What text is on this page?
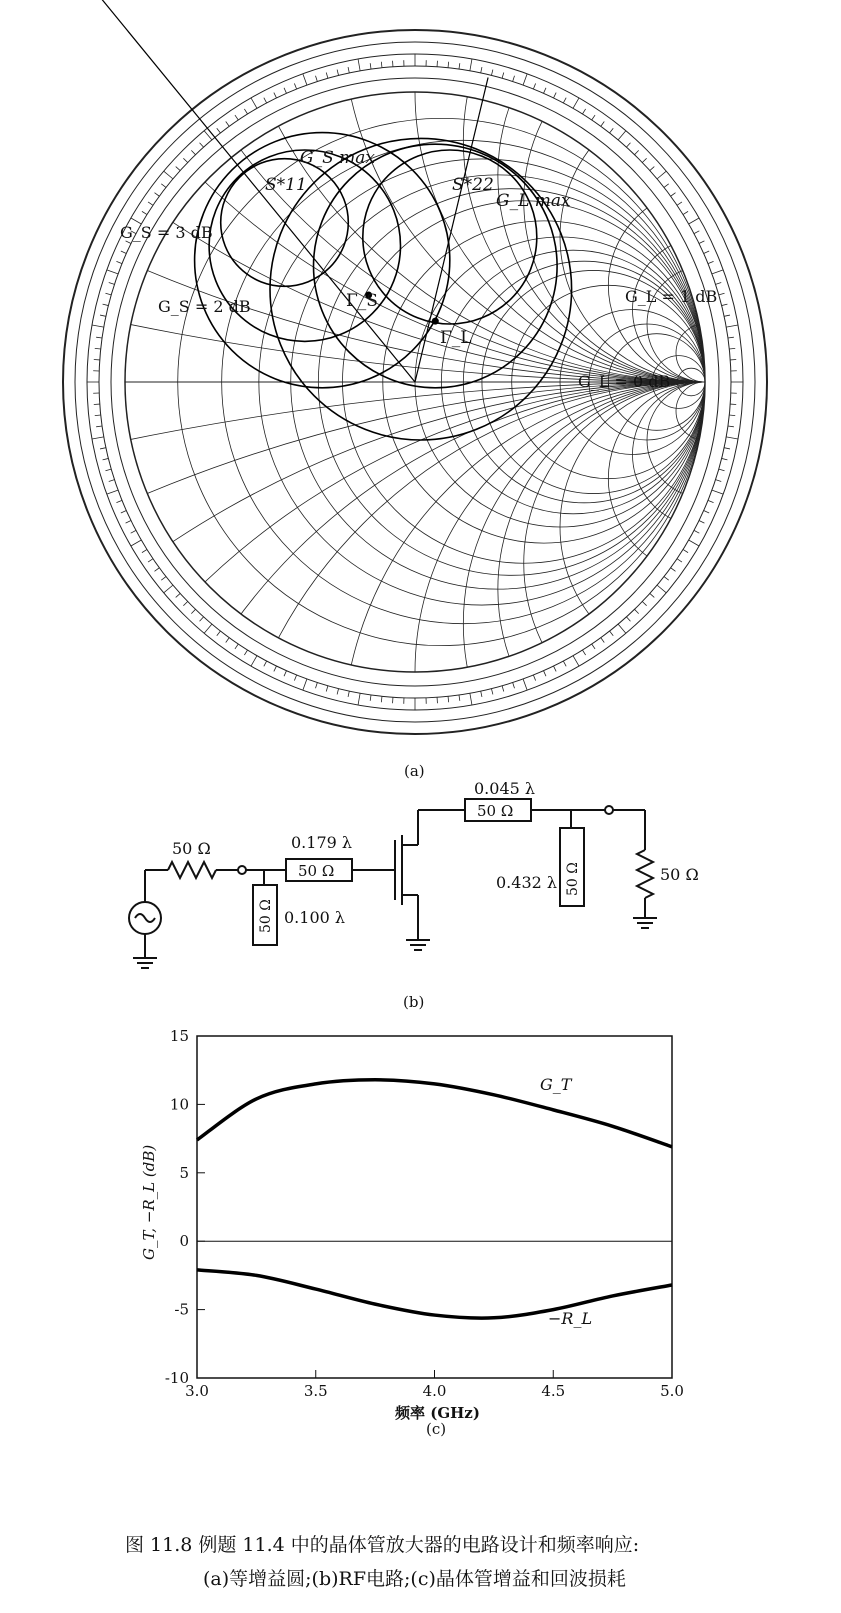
G_S max
S*11	S*22
G_L max
G_S = 3 dB
G_S = 2 dB	Γ_S
Γ_L
G_L = 1 dB
G_L = 0 dB
(a)
50 Ω
50 Ω 0.100 λ
0.179 λ
50 Ω
0.045 λ
50 Ω
0.432 λ 50 Ω	50 Ω
(b)
15
10
5
0
-5
-10
3.0	3.5	4.0	4.5	5.0
G_T
−R_L
频率 (GHz)
G_T, −R_L (dB)
(c)
图 11.8 例题 11.4 中的晶体管放大器的电路设计和频率响应:
(a)等增益圆;(b)RF电路;(c)晶体管增益和回波损耗
